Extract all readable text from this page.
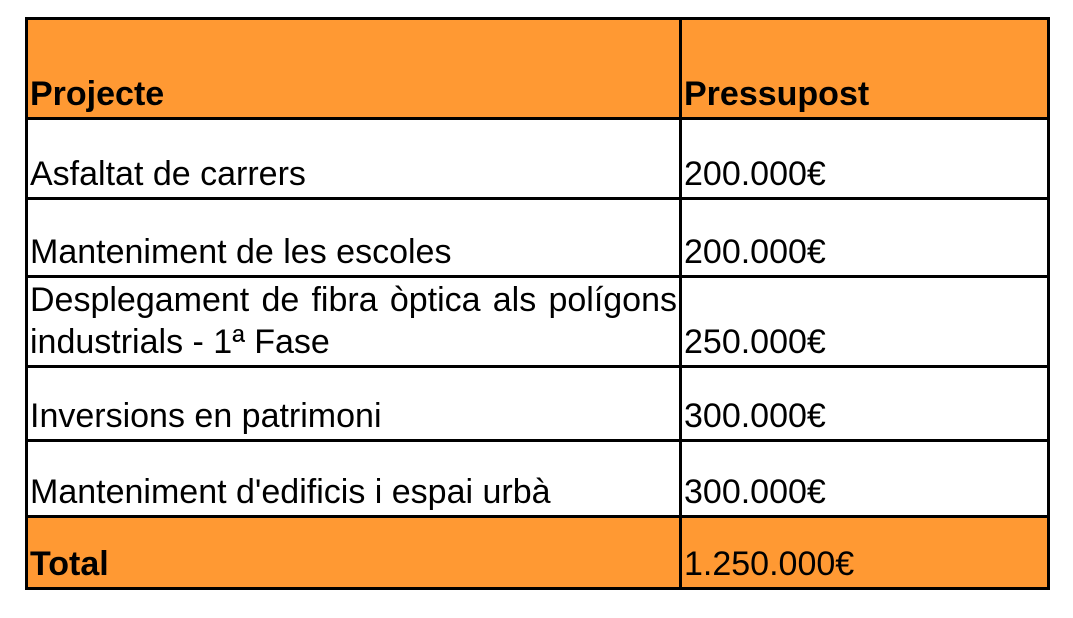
Projecte	Pressupost
Asfaltat de carrers	200.000€
Manteniment de les escoles	200.000€
Desplegament de fibra òptica als polígons industrials - 1ª Fase	250.000€
Inversions en patrimoni	300.000€
Manteniment d'edificis i espai urbà	300.000€
Total	1.250.000€
